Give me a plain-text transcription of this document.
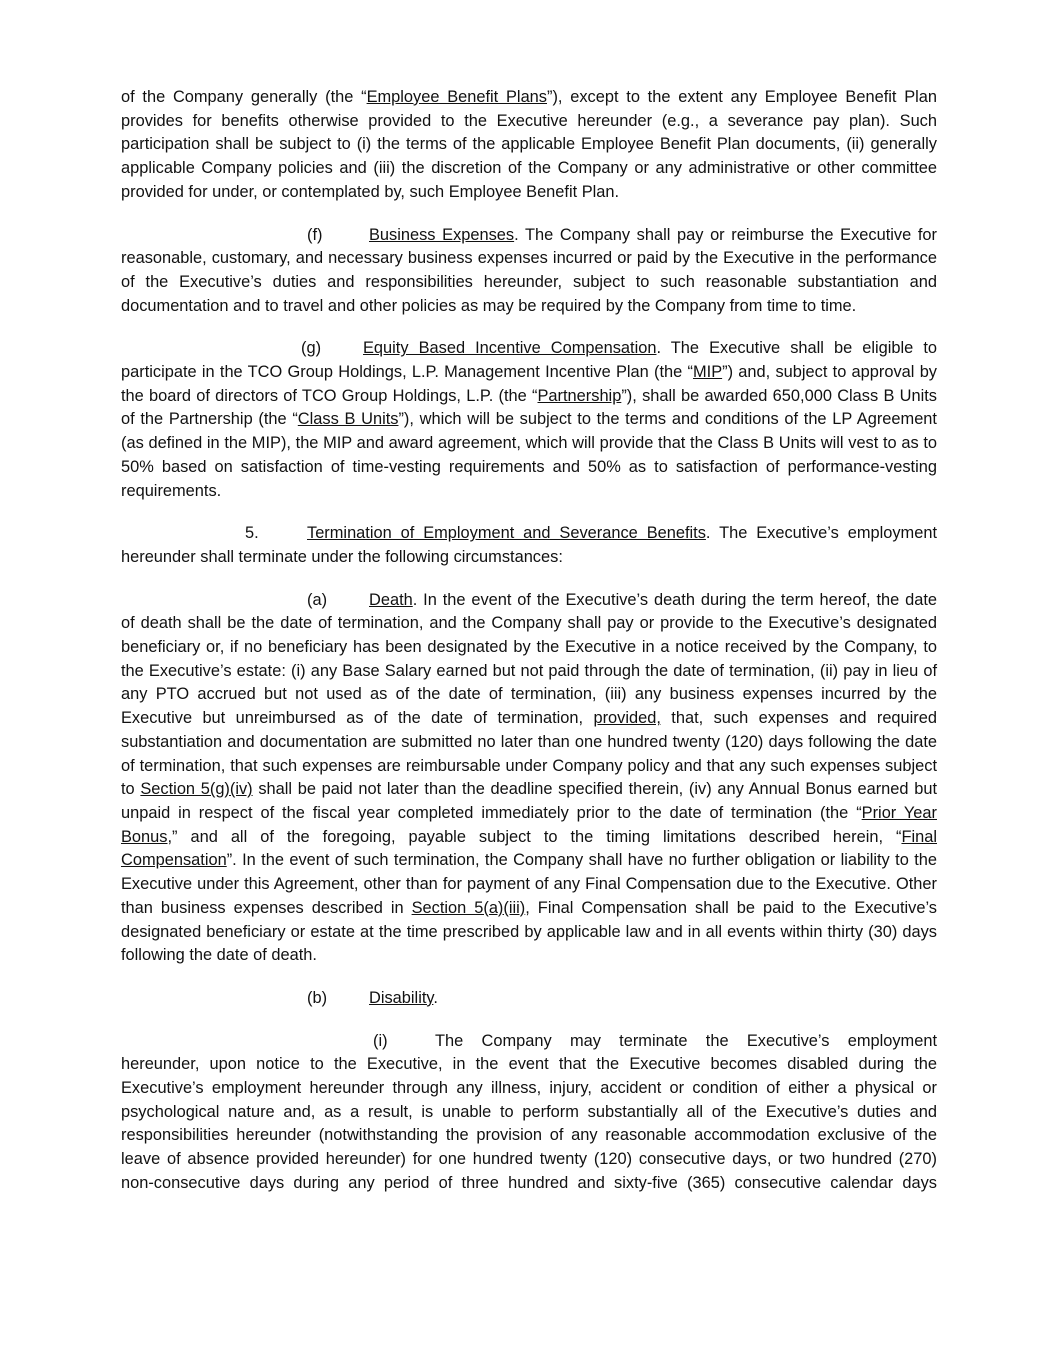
of the Company generally (the “Employee Benefit Plans”), except to the extent any Employee Benefit Plan provides for benefits otherwise provided to the Executive hereunder (e.g., a severance pay plan). Such participation shall be subject to (i) the terms of the applicable Employee Benefit Plan documents, (ii) generally applicable Company policies and (iii) the discretion of the Company or any administrative or other committee provided for under, or contemplated by, such Employee Benefit Plan.

(f)	Business Expenses. The Company shall pay or reimburse the Executive for reasonable, customary, and necessary business expenses incurred or paid by the Executive in the performance of the Executive’s duties and responsibilities hereunder, subject to such reasonable substantiation and documentation and to travel and other policies as may be required by the Company from time to time.

(g)	Equity Based Incentive Compensation. The Executive shall be eligible to participate in the TCO Group Holdings, L.P. Management Incentive Plan (the “MIP”) and, subject to approval by the board of directors of TCO Group Holdings, L.P. (the “Partnership”), shall be awarded 650,000 Class B Units of the Partnership (the “Class B Units”), which will be subject to the terms and conditions of the LP Agreement (as defined in the MIP), the MIP and award agreement, which will provide that the Class B Units will vest to as to 50% based on satisfaction of time-vesting requirements and 50% as to satisfaction of performance-vesting requirements.

5.	Termination of Employment and Severance Benefits. The Executive’s employment hereunder shall terminate under the following circumstances:

(a)	Death. In the event of the Executive’s death during the term hereof, the date of death shall be the date of termination, and the Company shall pay or provide to the Executive’s designated beneficiary or, if no beneficiary has been designated by the Executive in a notice received by the Company, to the Executive’s estate: (i) any Base Salary earned but not paid through the date of termination, (ii) pay in lieu of any PTO accrued but not used as of the date of termination, (iii) any business expenses incurred by the Executive but unreimbursed as of the date of termination, provided, that, such expenses and required substantiation and documentation are submitted no later than one hundred twenty (120) days following the date of termination, that such expenses are reimbursable under Company policy and that any such expenses subject to Section 5(g)(iv) shall be paid not later than the deadline specified therein, (iv) any Annual Bonus earned but unpaid in respect of the fiscal year completed immediately prior to the date of termination (the “Prior Year Bonus,” and all of the foregoing, payable subject to the timing limitations described herein, “Final Compensation”. In the event of such termination, the Company shall have no further obligation or liability to the Executive under this Agreement, other than for payment of any Final Compensation due to the Executive. Other than business expenses described in Section 5(a)(iii), Final Compensation shall be paid to the Executive’s designated beneficiary or estate at the time prescribed by applicable law and in all events within thirty (30) days following the date of death.

(b)	Disability.

(i)	The Company may terminate the Executive’s employment hereunder, upon notice to the Executive, in the event that the Executive becomes disabled during the Executive’s employment hereunder through any illness, injury, accident or condition of either a physical or psychological nature and, as a result, is unable to perform substantially all of the Executive’s duties and responsibilities hereunder (notwithstanding the provision of any reasonable accommodation exclusive of the leave of absence provided hereunder) for one hundred twenty (120) consecutive days, or two hundred (270) non-consecutive days during any period of three hundred and sixty-five (365) consecutive calendar days
